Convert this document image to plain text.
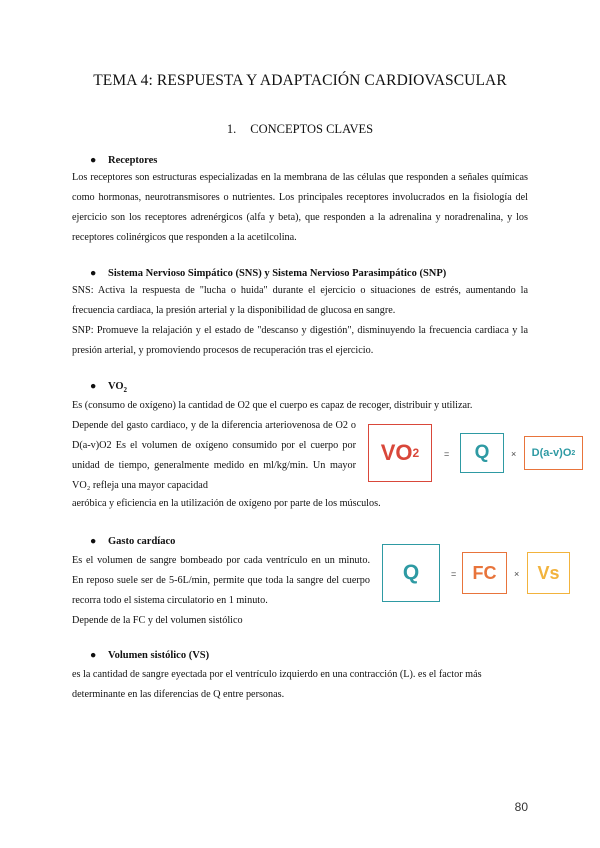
TEMA 4: RESPUESTA Y ADAPTACIÓN CARDIOVASCULAR
1. CONCEPTOS CLAVES
● Receptores

Los receptores son estructuras especializadas en la membrana de las células que responden a señales químicas como hormonas, neurotransmisores o nutrientes. Los principales receptores involucrados en la fisiología del ejercicio son los receptores adrenérgicos (alfa y beta), que responden a la adrenalina y noradrenalina, y los receptores colinérgicos que responden a la acetilcolina.

● Sistema Nervioso Simpático (SNS) y Sistema Nervioso Parasimpático (SNP)

SNS: Activa la respuesta de "lucha o huida" durante el ejercicio o situaciones de estrés, aumentando la frecuencia cardiaca, la presión arterial y la disponibilidad de glucosa en sangre.

SNP: Promueve la relajación y el estado de "descanso y digestión", disminuyendo la frecuencia cardiaca y la presión arterial, y promoviendo procesos de recuperación tras el ejercicio.

● $VO_2$

Es (consumo de oxígeno) la cantidad de O2 que el cuerpo es capaz de recoger, distribuir y utilizar.

Depende del gasto cardiaco, y de la diferencia arteriovenosa de O2 o D(a-v)O2 Es el volumen de oxígeno consumido por el cuerpo por unidad de tiempo, generalmente medido en ml/kg/min. Un mayor VO₂ refleja una mayor capacidad

aeróbica y eficiencia en la utilización de oxígeno por parte de los músculos.

VO 2	= Q × D(a-v)O 2
● Gasto cardíaco

Es el volumen de sangre bombeado por cada ventrículo en un minuto. En reposo suele ser de 5-6L/min, permite que toda la sangre del cuerpo recorra todo el sistema circulatorio en 1 minuto.

Depende de la FC y del volumen sistólico

Q	= FC × Vs
● Volumen sistólico (VS)

es la cantidad de sangre eyectada por el ventrículo izquierdo en una contracción (L). es el factor más determinante en las diferencias de Q entre personas.

80
